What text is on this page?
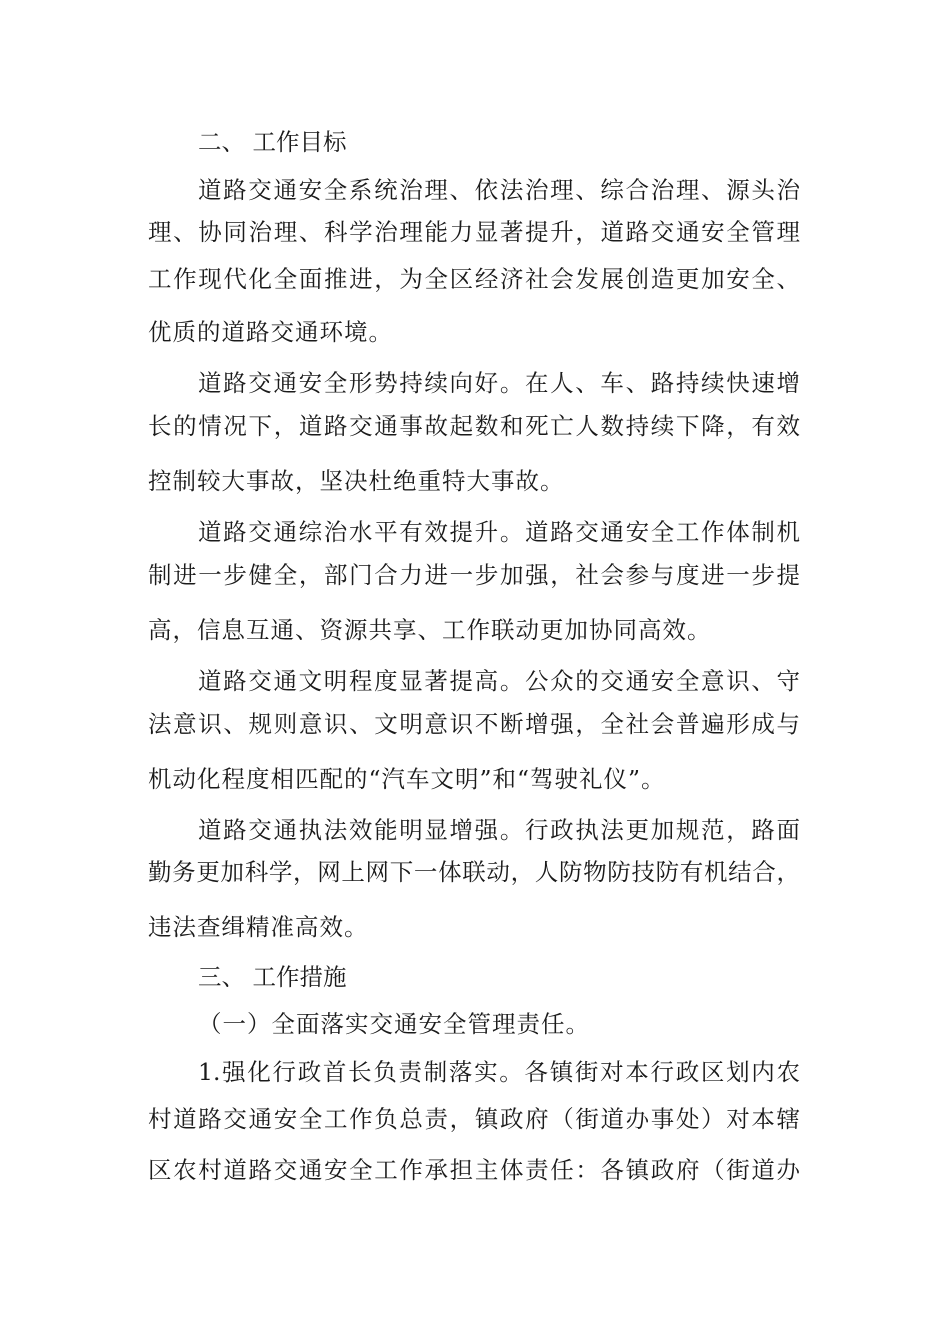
二、 工作目标
道路交通安全系统治理、依法治理、综合治理、源头治
理、协同治理、科学治理能力显著提升，道路交通安全管理
工作现代化全面推进，为全区经济社会发展创造更加安全、
优质的道路交通环境。
道路交通安全形势持续向好。在人、车、路持续快速增
长的情况下，道路交通事故起数和死亡人数持续下降，有效
控制较大事故，坚决杜绝重特大事故。
道路交通综治水平有效提升。道路交通安全工作体制机
制进一步健全，部门合力进一步加强，社会参与度进一步提
高，信息互通、资源共享、工作联动更加协同高效。
道路交通文明程度显著提高。公众的交通安全意识、守
法意识、规则意识、文明意识不断增强，全社会普遍形成与
机动化程度相匹配的“汽车文明”和“驾驶礼仪”。
道路交通执法效能明显增强。行政执法更加规范，路面
勤务更加科学，网上网下一体联动，人防物防技防有机结合，
违法查缉精准高效。
三、 工作措施
（一）全面落实交通安全管理责任。
1.强化行政首长负责制落实。各镇街对本行政区划内农
村道路交通安全工作负总责，镇政府（街道办事处）对本辖
区农村道路交通安全工作承担主体责任：各镇政府（街道办
